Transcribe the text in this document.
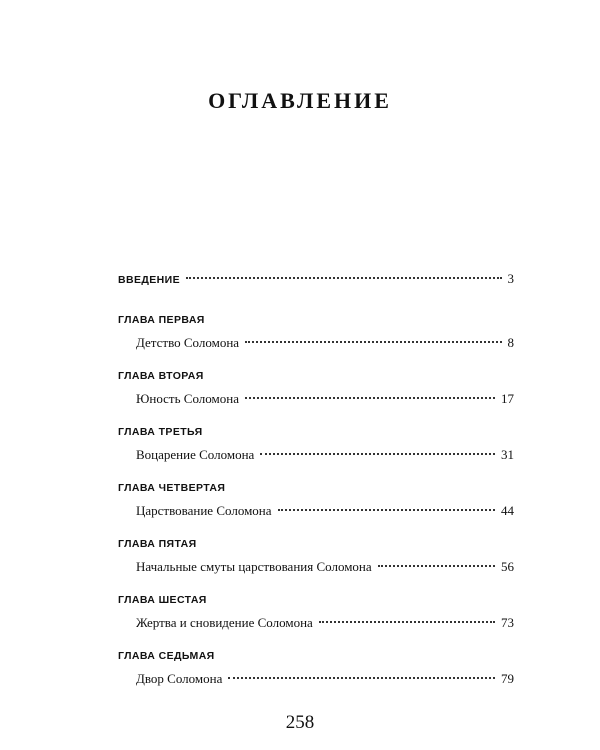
ОГЛАВЛЕНИЕ
ВВЕДЕНИЕ	3
ГЛАВА ПЕРВАЯ
Детство Соломона	8
ГЛАВА ВТОРАЯ
Юность Соломона	17
ГЛАВА ТРЕТЬЯ
Воцарение Соломона	31
ГЛАВА ЧЕТВЕРТАЯ
Царствование Соломона	44
ГЛАВА ПЯТАЯ
Начальные смуты царствования Соломона	56
ГЛАВА ШЕСТАЯ
Жертва и сновидение Соломона	73
ГЛАВА СЕДЬМАЯ
Двор Соломона	79
258
